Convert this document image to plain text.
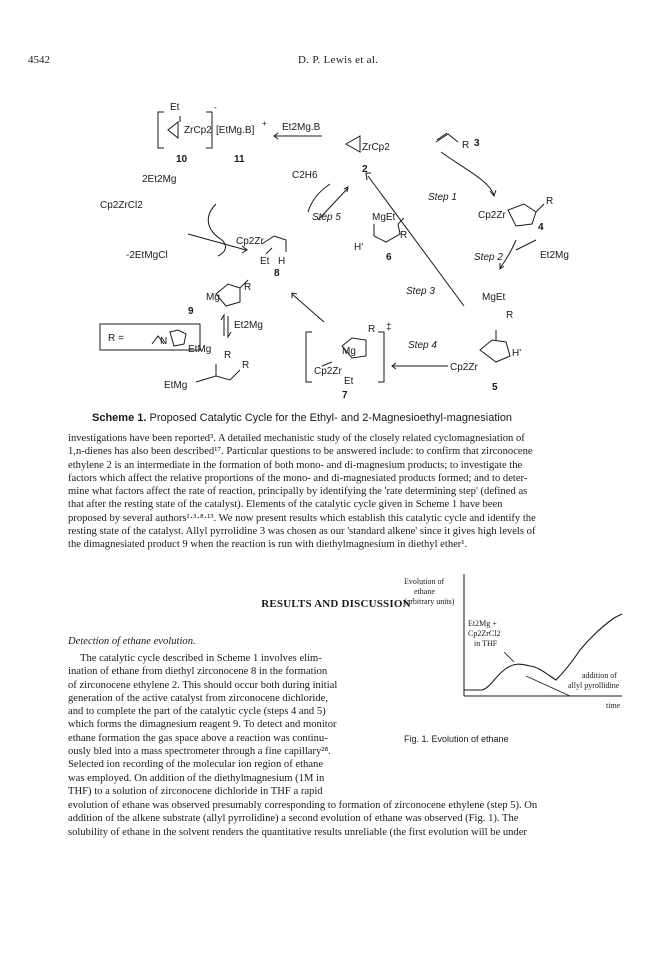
4542	D. P. Lewis et al.
Et
ZrCp2
-
[EtMg.B]
+ Et2Mg.B
10	11
C2H6
ZrCp2
2
R 3
Step 1
2Et2Mg
Cp2ZrCl2
Step 5	Cp2Zr
R
4
MgEt
R
H'
6
-2EtMgCl
Cp2Zr
Et H
8
Step 2	Et2Mg
Step 3
Mg
R
9
MgEt
R
R =	N
Et2Mg
EtMg
R
Mg
R ‡
Cp2Zr
Et
7
Step 4
Cp2Zr
H'
5
EtMg
R
Scheme 1. Proposed Catalytic Cycle for the Ethyl- and 2-Magnesioethyl-magnesiation
investigations have been reported³. A detailed mechanistic study of the closely related cyclomagnesiation of
1,n-dienes has also been described¹⁷. Particular questions to be answered include: to confirm that zirconocene
ethylene 2 is an intermediate in the formation of both mono- and di-magnesium products; to investigate the
factors which affect the relative proportions of the mono- and di-magnesiated products formed; and to deter-
mine what factors affect the rate of reaction, principally by identifying the 'rate determining step' (defined as
that after the resting state of the catalyst). Elements of the catalytic cycle given in Scheme 1 have been
proposed by several authors¹·³·⁸·¹³. We now present results which establish this catalytic cycle and identify the
resting state of the catalyst. Allyl pyrrolidine 3 was chosen as our 'standard alkene' since it gives high levels of
the dimagnesiated product 9 when the reaction is run with diethylmagnesium in diethyl ether¹.
RESULTS AND DISCUSSION
Detection of ethane evolution.
The catalytic cycle described in Scheme 1 involves elim-
ination of ethane from diethyl zirconocene 8 in the formation
of zirconocene ethylene 2. This should occur both during initial
generation of the active catalyst from zirconocene dichloride,
and to complete the part of the catalytic cycle (steps 4 and 5)
which forms the dimagnesium reagent 9. To detect and monitor
ethane formation the gas space above a reaction was continu-
ously bled into a mass spectrometer through a fine capillary²⁸.
Selected ion recording of the molecular ion region of ethane
was employed. On addition of the diethylmagnesium (1M in
THF) to a solution of zirconocene dichloride in THF a rapid
Evolution of
ethane
(arbitrary units)
Et2Mg +
Cp2ZrCl2
in THF
addition of
allyl pyrollidine
time
Fig. 1. Evolution of ethane
evolution of ethane was observed presumably corresponding to formation of zirconocene ethylene (step 5). On
addition of the alkene substrate (allyl pyrrolidine) a second evolution of ethane was observed (Fig. 1). The
solubility of ethane in the solvent renders the quantitative results unreliable (the first evolution will be under
